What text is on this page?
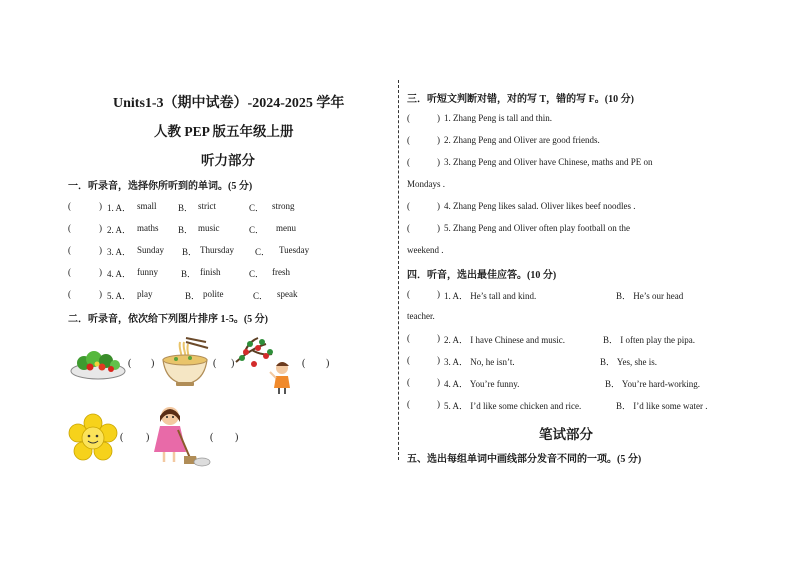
Units1-3（期中试卷）-2024-2025 学年
人教 PEP 版五年级上册
听力部分
一．听录音，选择你所听到的单词。(5 分)
(	) 1. A． small B． strict	C． strong
(	) 2. A． maths B． music	C． menu
(	) 3. A． Sunday B． Thursday C． Tuesday
(	) 4. A． funny	B． finish	C． fresh
(	) 5. A． play	B． polite	C． speak
二．听录音，依次给下列图片排序 1-5。(5 分)
( )	( )	( )
( )	( )
三．听短文判断对错，对的写 T，错的写 F。(10 分)
(	) 1. Zhang Peng is tall and thin.
(	) 2. Zhang Peng and Oliver are good friends.
(	) 3. Zhang Peng and Oliver have Chinese, maths and PE on
Mondays .
(	) 4. Zhang Peng likes salad. Oliver likes beef noodles .
(	) 5. Zhang Peng and Oliver often play football on the
weekend .
四．听音，选出最佳应答。(10 分)
(	) 1. A． He’s tall and kind.	B． He’s our head
teacher.
(	) 2. A． I have Chinese and music.	B． I often play the pipa.
(	) 3. A． No, he isn’t.	B． Yes, she is.
(	) 4. A． You’re funny.	B． You’re hard-working.
(	) 5. A． I’d like some chicken and rice.	B． I’d like some water .
笔试部分
五、选出每组单词中画线部分发音不同的一项。(5 分)
